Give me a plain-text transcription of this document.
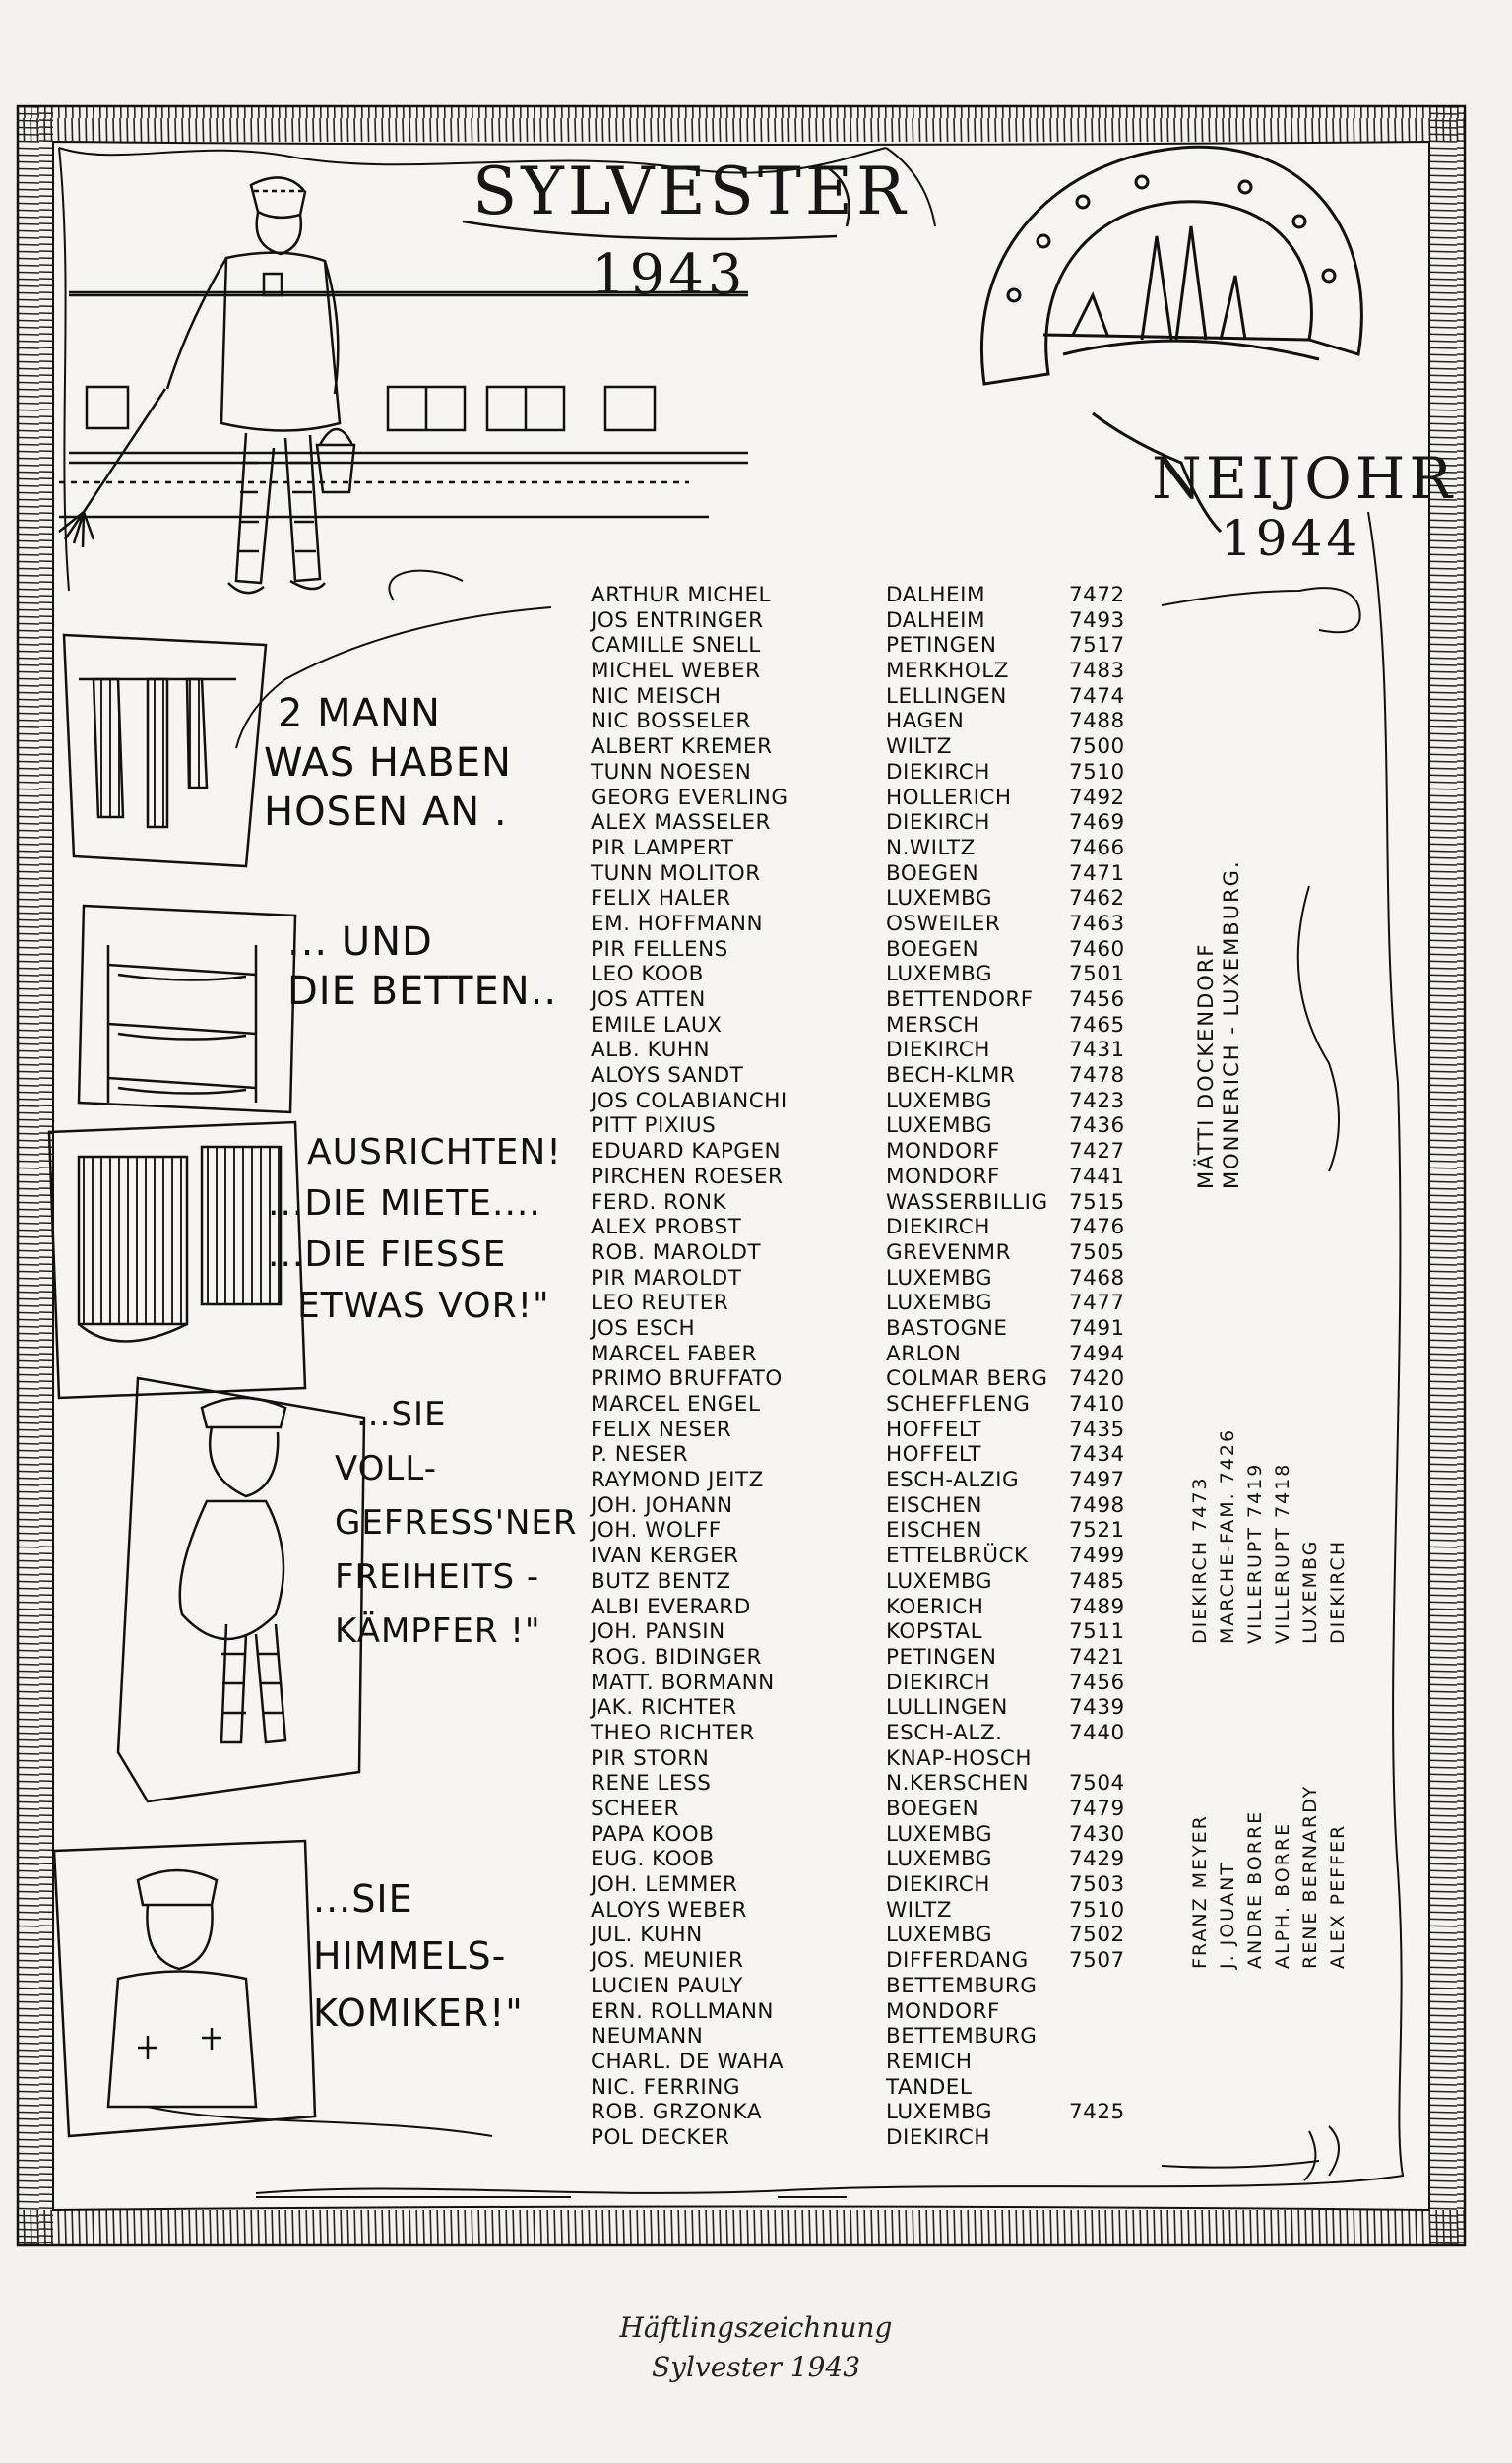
SYLVESTER
1943
NEIJOHR
1944
2 MANN
WAS HABEN
HOSEN AN .
... UND
DIE BETTEN..
AUSRICHTEN!
...DIE MIETE....
...DIE FIESSE
ETWAS VOR!"
...SIE
VOLL-
GEFRESS'NER
FREIHEITS -
KÄMPFER !"
...SIE
HIMMELS-
KOMIKER!"
ARTHUR MICHEL	DALHEIM	7472
JOS ENTRINGER	DALHEIM	7493
CAMILLE SNELL	PETINGEN	7517
MICHEL WEBER	MERKHOLZ	7483
NIC MEISCH	LELLINGEN	7474
NIC BOSSELER	HAGEN	7488
ALBERT KREMER	WILTZ	7500
TUNN NOESEN	DIEKIRCH	7510
GEORG EVERLING	HOLLERICH	7492
ALEX MASSELER	DIEKIRCH	7469
PIR LAMPERT	N.WILTZ	7466
TUNN MOLITOR	BOEGEN	7471
FELIX HALER	LUXEMBG	7462
EM. HOFFMANN	OSWEILER	7463
PIR FELLENS	BOEGEN	7460
LEO KOOB	LUXEMBG	7501
JOS ATTEN	BETTENDORF 7456
EMILE LAUX	MERSCH	7465
ALB. KUHN	DIEKIRCH	7431
ALOYS SANDT	BECH-KLMR	7478
JOS COLABIANCHI	LUXEMBG	7423
PITT PIXIUS	LUXEMBG	7436
EDUARD KAPGEN	MONDORF	7427
PIRCHEN ROESER	MONDORF	7441
FERD. RONK	WASSERBILLIG 7515
ALEX PROBST	DIEKIRCH	7476
ROB. MAROLDT	GREVENMR	7505
PIR MAROLDT	LUXEMBG	7468
LEO REUTER	LUXEMBG	7477
JOS ESCH	BASTOGNE	7491
MARCEL FABER	ARLON	7494
PRIMO BRUFFATO	COLMAR BERG 7420
MARCEL ENGEL	SCHEFFLENG 7410
FELIX NESER	HOFFELT	7435
P. NESER	HOFFELT	7434
RAYMOND JEITZ	ESCH-ALZIG 7497
JOH. JOHANN	EISCHEN	7498
JOH. WOLFF	EISCHEN	7521
IVAN KERGER	ETTELBRÜCK 7499
BUTZ BENTZ	LUXEMBG	7485
ALBI EVERARD	KOERICH	7489
JOH. PANSIN	KOPSTAL	7511
ROG. BIDINGER	PETINGEN	7421
MATT. BORMANN	DIEKIRCH	7456
JAK. RICHTER	LULLINGEN	7439
THEO RICHTER	ESCH-ALZ.	7440
PIR STORN	KNAP-HOSCH
RENE LESS	N.KERSCHEN 7504
SCHEER	BOEGEN	7479
PAPA KOOB	LUXEMBG	7430
EUG. KOOB	LUXEMBG	7429
JOH. LEMMER	DIEKIRCH	7503
ALOYS WEBER	WILTZ	7510
JUL. KUHN	LUXEMBG	7502
JOS. MEUNIER	DIFFERDANG 7507
LUCIEN PAULY	BETTEMBURG
ERN. ROLLMANN	MONDORF
NEUMANN	BETTEMBURG
CHARL. DE WAHA	REMICH
NIC. FERRING	TANDEL
ROB. GRZONKA	LUXEMBG	7425
POL DECKER	DIEKIRCH
MÄTTI DOCKENDORF MONNERICH - LUXEMBURG.
DIEKIRCH 7473 MARCHE-FAM. 7426 VILLERUPT 7419 VILLERUPT 7418 LUXEMBG DIEKIRCH
FRANZ MEYER J. JOUANT ANDRE BORRE ALPH. BORRE RENE BERNARDY ALEX PEFFER
Häftlingszeichnung
Sylvester 1943
